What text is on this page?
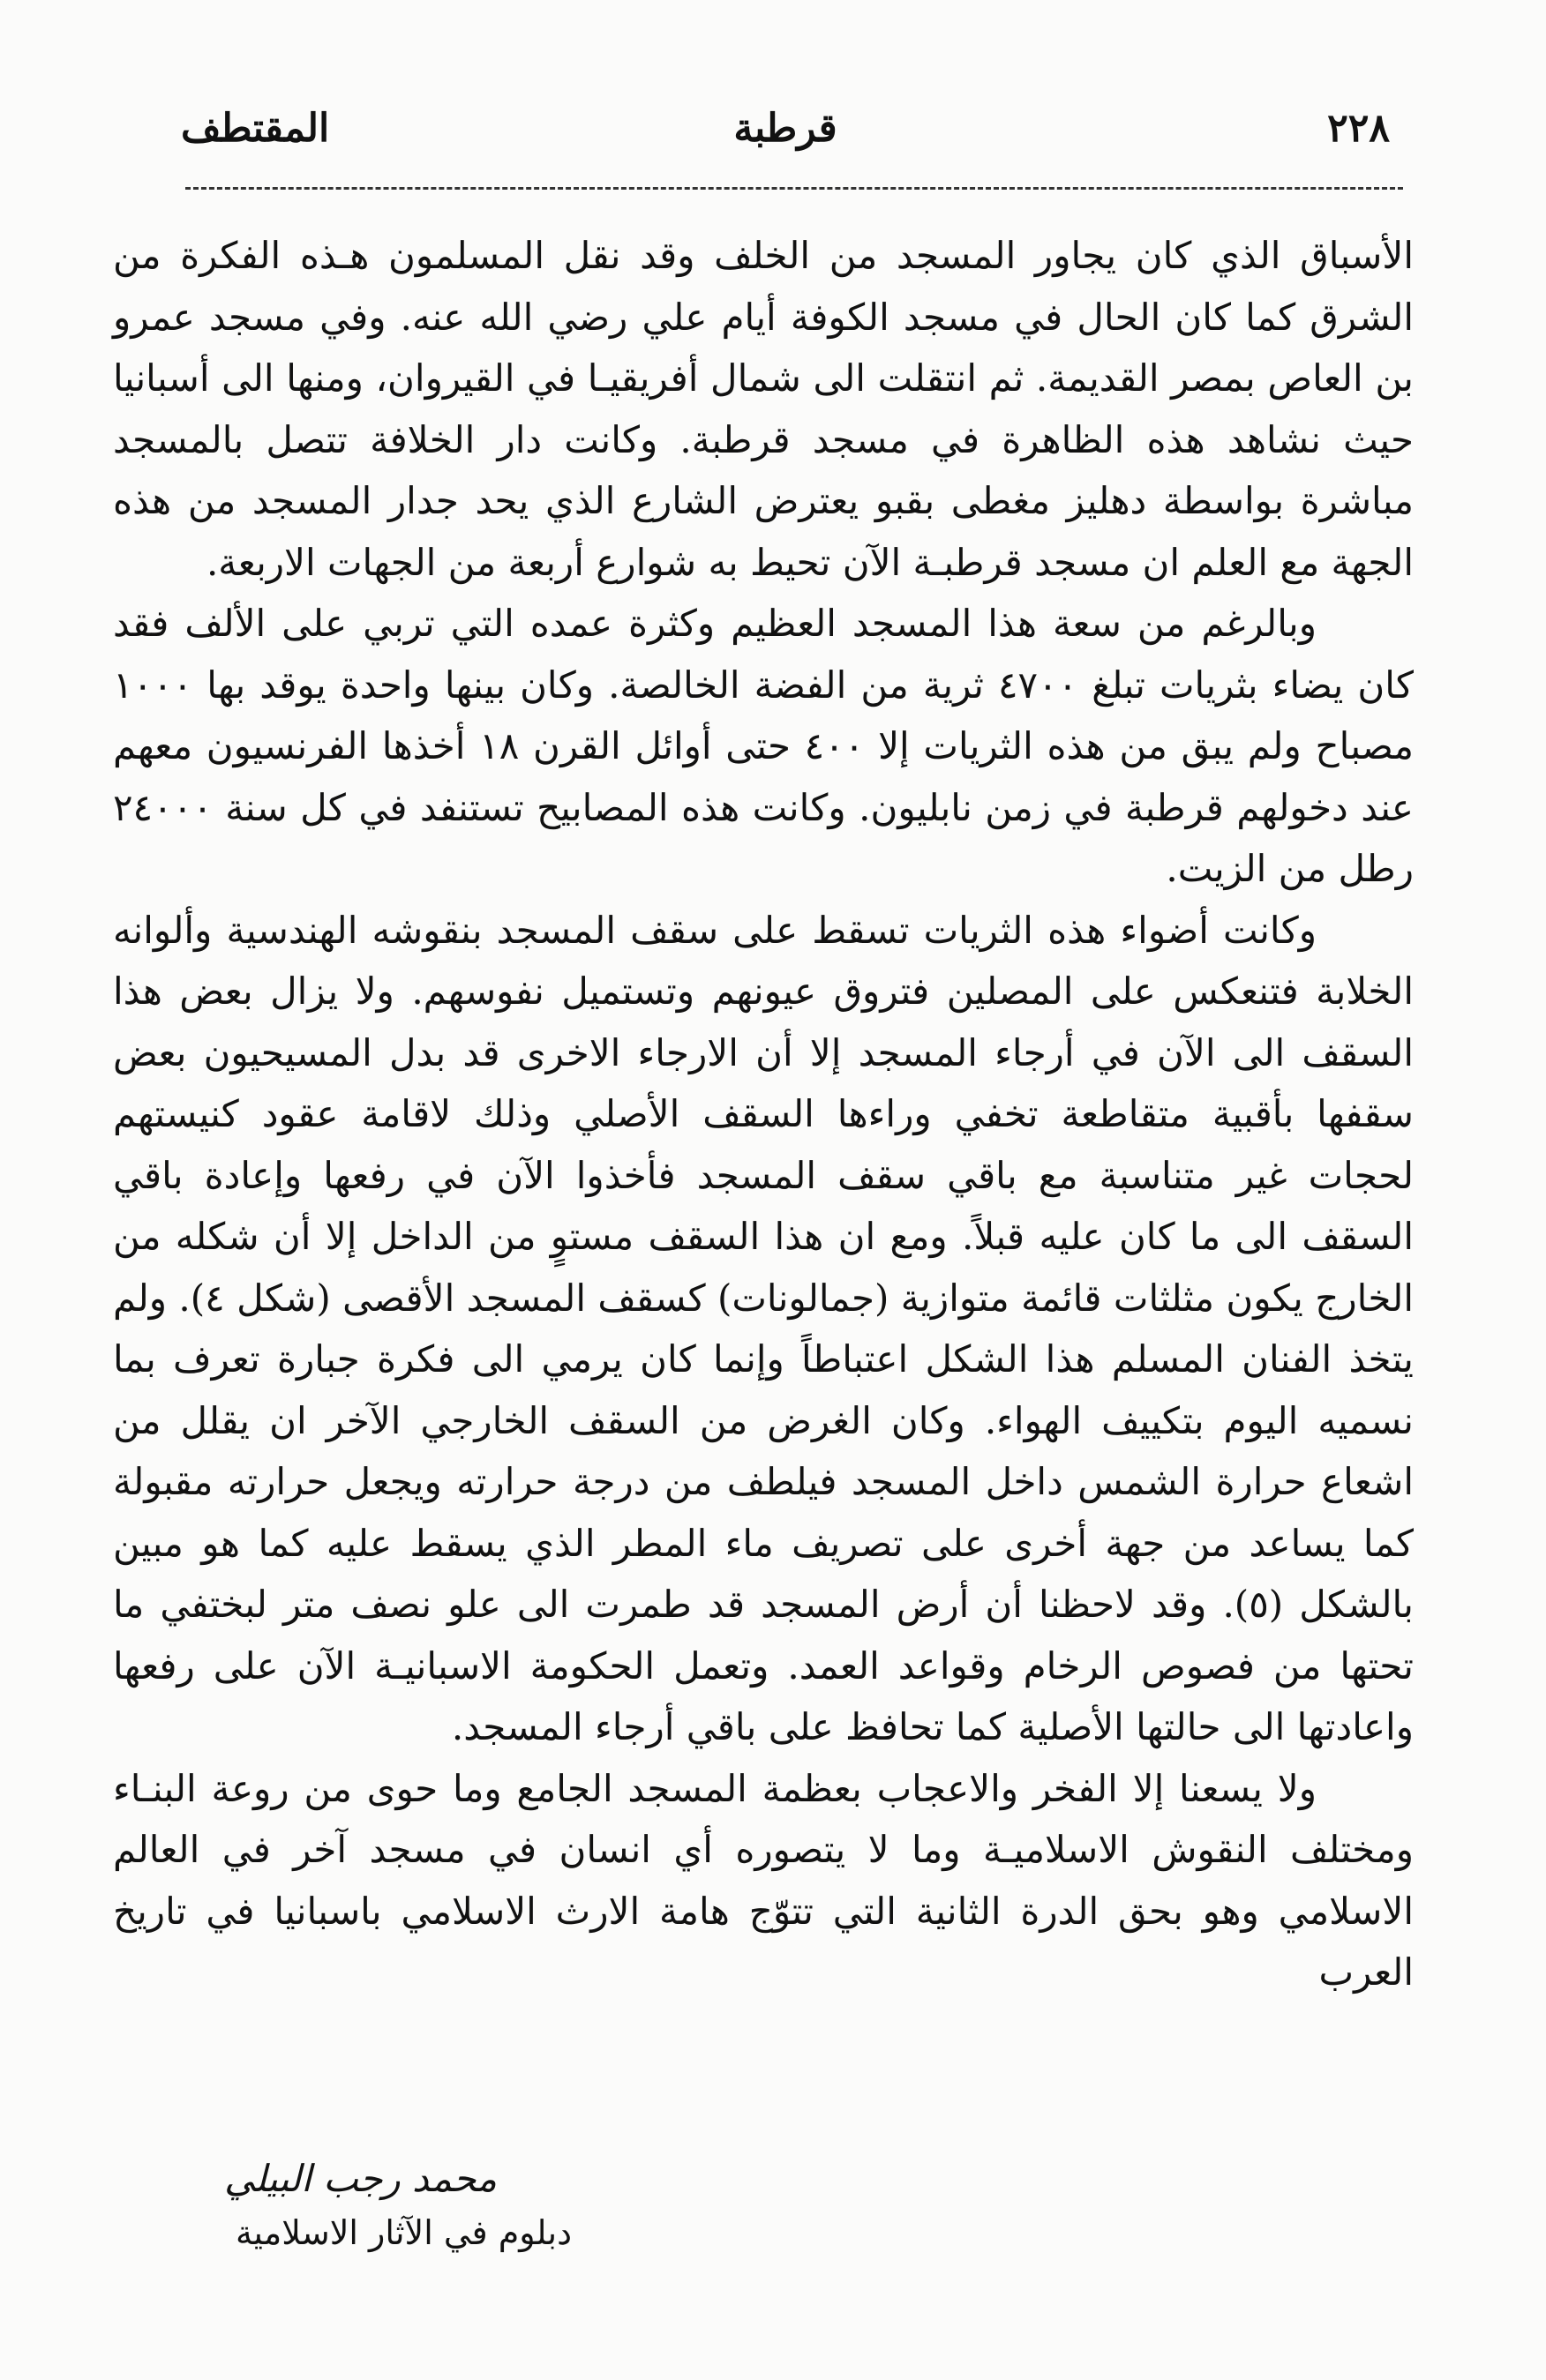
٢٢٨
قرطبة
المقتطف

الأسباق الذي كان يجاور المسجد من الخلف وقد نقل المسلمون هـذه الفكرة من الشرق كما كان الحال في مسجد الكوفة أيام علي رضي الله عنه. وفي مسجد عمرو بن العاص بمصر القديمة. ثم انتقلت الى شمال أفريقيـا في القيروان، ومنها الى أسبانيا حيث نشاهد هذه الظاهرة في مسجد قرطبة. وكانت دار الخلافة تتصل بالمسجد مباشرة بواسطة دهليز مغطى بقبو يعترض الشارع الذي يحد جدار المسجد من هذه الجهة مع العلم ان مسجد قرطبـة الآن تحيط به شوارع أربعة من الجهات الاربعة.

وبالرغم من سعة هذا المسجد العظيم وكثرة عمده التي تربي على الألف فقد كان يضاء بثريات تبلغ ٤٧٠٠ ثرية من الفضة الخالصة. وكان بينها واحدة يوقد بها ١٠٠٠ مصباح ولم يبق من هذه الثريات إلا ٤٠٠ حتى أوائل القرن ١٨ أخذها الفرنسيون معهم عند دخولهم قرطبة في زمن نابليون. وكانت هذه المصابيح تستنفد في كل سنة ٢٤٠٠٠ رطل من الزيت.

وكانت أضواء هذه الثريات تسقط على سقف المسجد بنقوشه الهندسية وألوانه الخلابة فتنعكس على المصلين فتروق عيونهم وتستميل نفوسهم. ولا يزال بعض هذا السقف الى الآن في أرجاء المسجد إلا أن الارجاء الاخرى قد بدل المسيحيون بعض سقفها بأقبية متقاطعة تخفي وراءها السقف الأصلي وذلك لاقامة عقود كنيستهم لحجات غير متناسبة مع باقي سقف المسجد فأخذوا الآن في رفعها وإعادة باقي السقف الى ما كان عليه قبلاً. ومع ان هذا السقف مستوٍ من الداخل إلا أن شكله من الخارج يكون مثلثات قائمة متوازية (جمالونات) كسقف المسجد الأقصى (شكل ٤). ولم يتخذ الفنان المسلم هذا الشكل اعتباطاً وإنما كان يرمي الى فكرة جبارة تعرف بما نسميه اليوم بتكييف الهواء. وكان الغرض من السقف الخارجي الآخر ان يقلل من اشعاع حرارة الشمس داخل المسجد فيلطف من درجة حرارته ويجعل حرارته مقبولة كما يساعد من جهة أخرى على تصريف ماء المطر الذي يسقط عليه كما هو مبين بالشكل (٥). وقد لاحظنا أن أرض المسجد قد طمرت الى علو نصف متر لبختفي ما تحتها من فصوص الرخام وقواعد العمد. وتعمل الحكومة الاسبانيـة الآن على رفعها واعادتها الى حالتها الأصلية كما تحافظ على باقي أرجاء المسجد.

ولا يسعنا إلا الفخر والاعجاب بعظمة المسجد الجامع وما حوى من روعة البنـاء ومختلف النقوش الاسلاميـة وما لا يتصوره أي انسان في مسجد آخر في العالم الاسلامي وهو بحق الدرة الثانية التي تتوّج هامة الارث الاسلامي باسبانيا في تاريخ العرب

محمد رجب البيلي
دبلوم في الآثار الاسلامية
